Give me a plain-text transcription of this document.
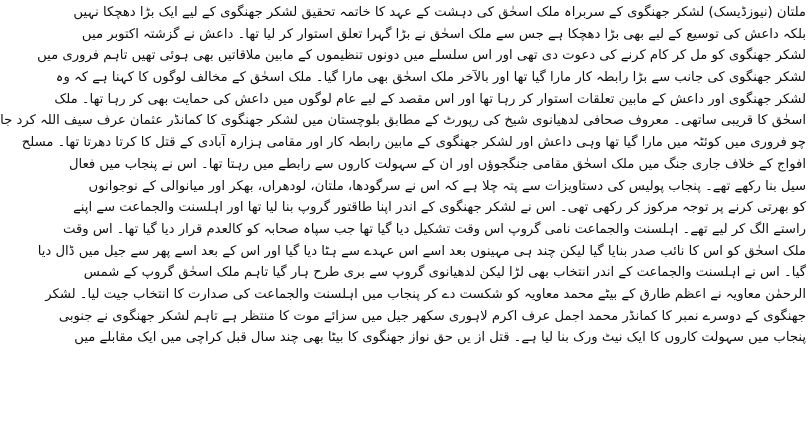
ملتان (نیوزڈیسک) لشکر جھنگوی کے سربراہ ملک اسحٰق کی دہشت کے عہد کا خاتمہ تحقیق لشکر جھنگوی کے لیے ایک بڑا دھچکا نہیں
بلکہ داعش کی توسیع کے لیے بھی بڑا دھچکا ہے جس سے ملک اسحٰق نے بڑا گہرا تعلق استوار کر لیا تھا۔ داعش نے گزشتہ اکتوبر میں
لشکر جھنگوی کو مل کر کام کرنے کی دعوت دی تھی اور اس سلسلے میں دونوں تنظیموں کے مابین ملاقاتیں بھی ہوئی تھیں تاہم فروری میں
لشکر جھنگوی کی جانب سے بڑا رابطہ کار مارا گیا تھا اور بالآخر ملک اسحٰق بھی مارا گیا۔ ملک اسحٰق کے مخالف لوگوں کا کہنا ہے کہ وہ
لشکر جھنگوی اور داعش کے مابین تعلقات استوار کر رہا تھا اور اس مقصد کے لیے عام لوگوں میں داعش کی حمایت بھی کر رہا تھا۔ ملک
اسحٰق کا قریبی ساتھی۔ معروف صحافی لدھیانوی شیخ کی رپورٹ کے مطابق بلوچستان میں لشکر جھنگوی کا کمانڈر عثمان عرف سیف اللہ کرد جا
چو فروری میں کوئٹہ میں مارا گیا تھا وہی داعش اور لشکر جھنگوی کے مابین رابطہ کار اور مقامی ہزارہ آبادی کے قتل کا کرتا دھرتا تھا۔ مسلح
افواج کے خلاف جاری جنگ میں ملک اسحٰق مقامی جنگجوؤں اور ان کے سہولت کاروں سے رابطے میں رہتا تھا۔ اس نے پنجاب میں فعال
سیل بنا رکھے تھے۔ پنجاب پولیس کی دستاویزات سے پتہ چلا ہے کہ اس نے سرگودھا، ملتان، لودھراں، بھکر اور میانوالی کے نوجوانوں
کو بھرتی کرنے پر توجہ مرکوز کر رکھی تھی۔ اس نے لشکر جھنگوی کے اندر اپنا طاقتور گروپ بنا لیا تھا اور اہلسنت والجماعت سے اپنے
راستے الگ کر لیے تھے۔ اہلسنت والجماعت نامی گروپ اس وقت تشکیل دیا گیا تھا جب سپاہ صحابہ کو کالعدم قرار دیا گیا تھا۔ اس وقت
ملک اسحٰق کو اس کا نائب صدر بنایا گیا لیکن چند ہی مہینوں بعد اسے اس عہدے سے ہٹا دیا گیا اور اس کے بعد اسے پھر سے جیل میں ڈال دیا
گیا۔ اس نے اہلسنت والجماعت کے اندر انتخاب بھی لڑا لیکن لدھیانوی گروپ سے بری طرح ہار گیا تاہم ملک اسحٰق گروپ کے شمس
الرحمٰن معاویہ نے اعظم طارق کے بیٹے محمد معاویہ کو شکست دے کر پنجاب میں اہلسنت والجماعت کی صدارت کا انتخاب جیت لیا۔ لشکر
جھنگوی کے دوسرے نمبر کا کمانڈر محمد اجمل عرف اکرم لاہوری سکھر جیل میں سزائے موت کا منتظر ہے تاہم لشکر جھنگوی نے جنوبی
پنجاب میں سہولت کاروں کا ایک نیٹ ورک بنا لیا ہے۔ قتل از یں حق نواز جھنگوی کا بیٹا بھی چند سال قبل کراچی میں ایک مقابلے میں
